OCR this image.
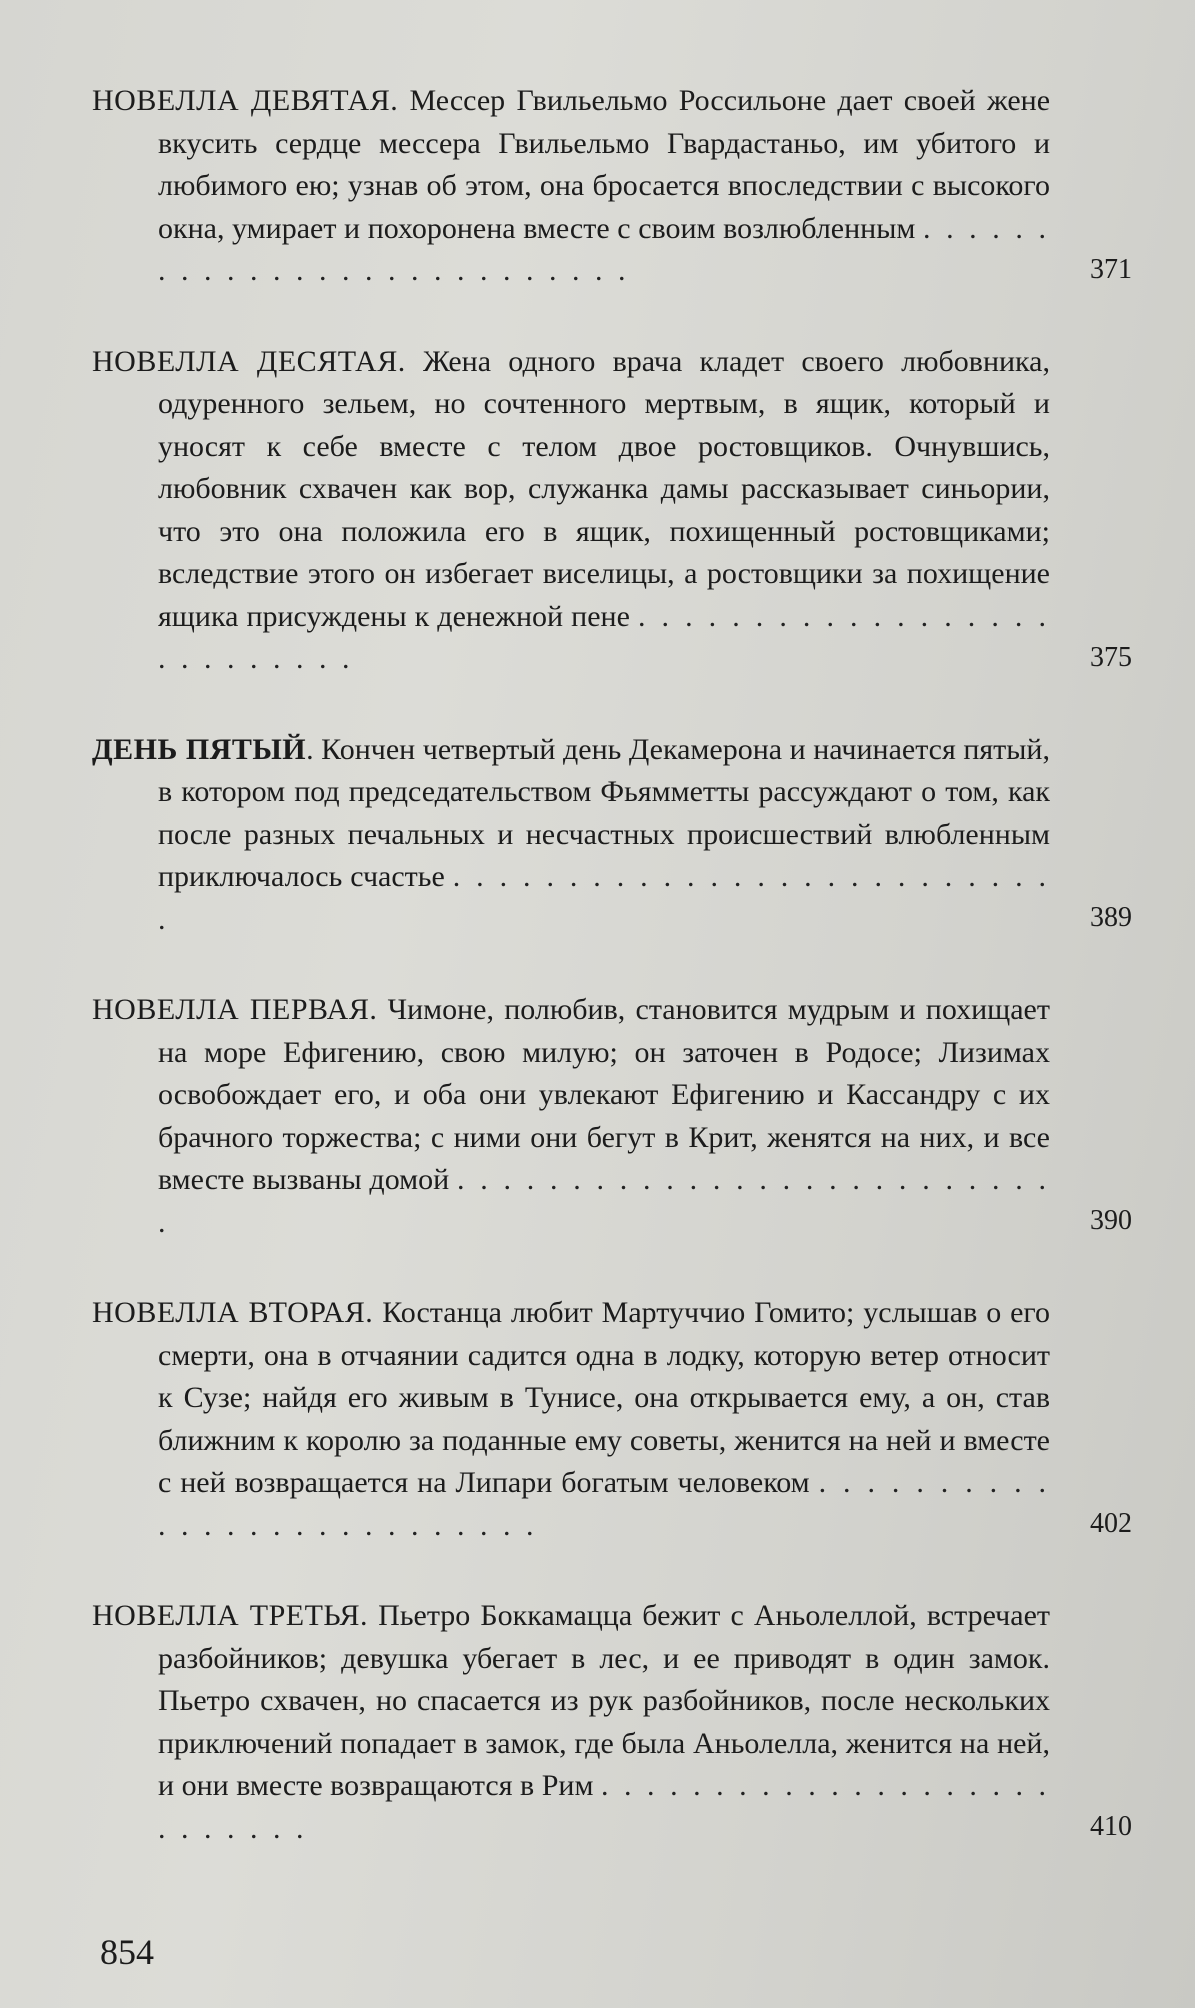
НОВЕЛЛА ДЕВЯТАЯ. Мессер Гвильельмо Россильоне дает своей жене вкусить сердце мессера Гвильельмо Гвардастаньо, им убитого и любимого ею; узнав об этом, она бросается впоследствии с высокого окна, умирает и похоронена вместе с своим возлюбленным . . . . . . . . . . . . . . . . . . . . . . . . . . .	371

НОВЕЛЛА ДЕСЯТАЯ. Жена одного врача кладет своего любовника, одуренного зельем, но сочтенного мертвым, в ящик, который и уносят к себе вместе с телом двое ростовщиков. Очнувшись, любовник схвачен как вор, служанка дамы рассказывает синьории, что это она положила его в ящик, похищенный ростовщиками; вследствие этого он избегает виселицы, а ростовщики за похищение ящика присуждены к денежной пене . . . . . . . . . . . . . . . . . . . . . . . . . . .	375

ДЕНЬ ПЯТЫЙ. Кончен четвертый день Декамерона и начинается пятый, в котором под председательством Фьямметты рассуждают о том, как после разных печальных и несчастных происшествий влюбленным приключалось счастье . . . . . . . . . . . . . . . . . . . . . . . . . . .	389

НОВЕЛЛА ПЕРВАЯ. Чимоне, полюбив, становится мудрым и похищает на море Ефигению, свою милую; он заточен в Родосе; Лизимах освобождает его, и оба они увлекают Ефигению и Кассандру с их брачного торжества; с ними они бегут в Крит, женятся на них, и все вместе вызваны домой . . . . . . . . . . . . . . . . . . . . . . . . . . .	390

НОВЕЛЛА ВТОРАЯ. Костанца любит Мартуччио Гомито; услышав о его смерти, она в отчаянии садится одна в лодку, которую ветер относит к Сузе; найдя его живым в Тунисе, она открывается ему, а он, став ближним к королю за поданные ему советы, женится на ней и вместе с ней возвращается на Липари богатым человеком . . . . . . . . . . . . . . . . . . . . . . . . . . .	402

НОВЕЛЛА ТРЕТЬЯ. Пьетро Боккамацца бежит с Аньолеллой, встречает разбойников; девушка убегает в лес, и ее приводят в один замок. Пьетро схвачен, но спасается из рук разбойников, после нескольких приключений попадает в замок, где была Аньолелла, женится на ней, и они вместе возвращаются в Рим . . . . . . . . . . . . . . . . . . . . . . . . . . .	410
854
